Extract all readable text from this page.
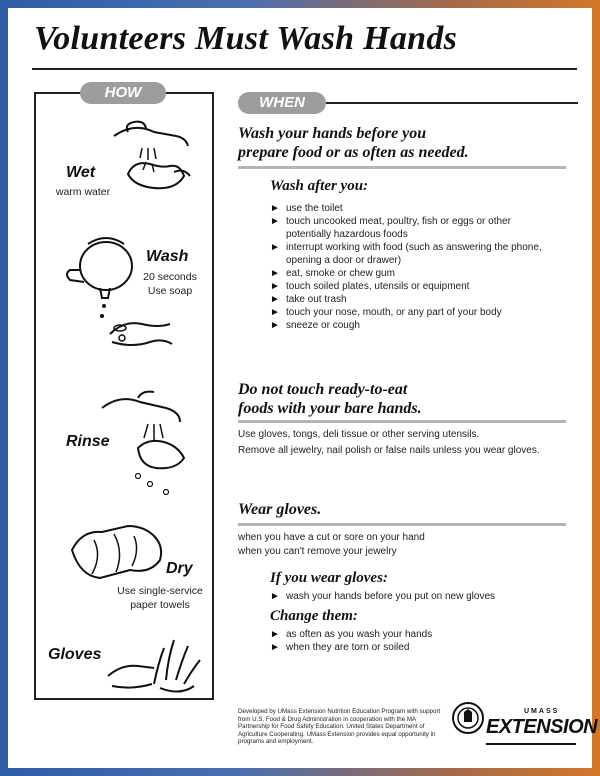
Volunteers Must Wash Hands
HOW
Wet
warm water
Wash
20 seconds
Use soap
Rinse
Dry
Use single-service
paper towels
Gloves
WHEN
Wash your hands before you
prepare food or as often as needed.
Wash after you:
► use the toilet
► touch uncooked meat, poultry, fish or eggs or other potentially hazardous foods
► interrupt working with food (such as answering the phone, opening a door or drawer)
► eat, smoke or chew gum
► touch soiled plates, utensils or equipment
► take out trash
► touch your nose, mouth, or any part of your body
► sneeze or cough
Do not touch ready-to-eat
foods with your bare hands.
Use gloves, tongs, deli tissue or other serving utensils.
Remove all jewelry, nail polish or false nails unless you wear gloves.
Wear gloves.
when you have a cut or sore on your hand
when you can't remove your jewelry
If you wear gloves:
► wash your hands before you put on new gloves
Change them:
► as often as you wash your hands
► when they are torn or soiled
Developed by UMass Extension Nutrition Education Program with support from U.S. Food & Drug Administration in cooperation with the MA Partnership for Food Safety Education. United States Department of Agriculture Cooperating. UMass Extension provides equal opportunity in programs and employment.
UMASS
EXTENSION
